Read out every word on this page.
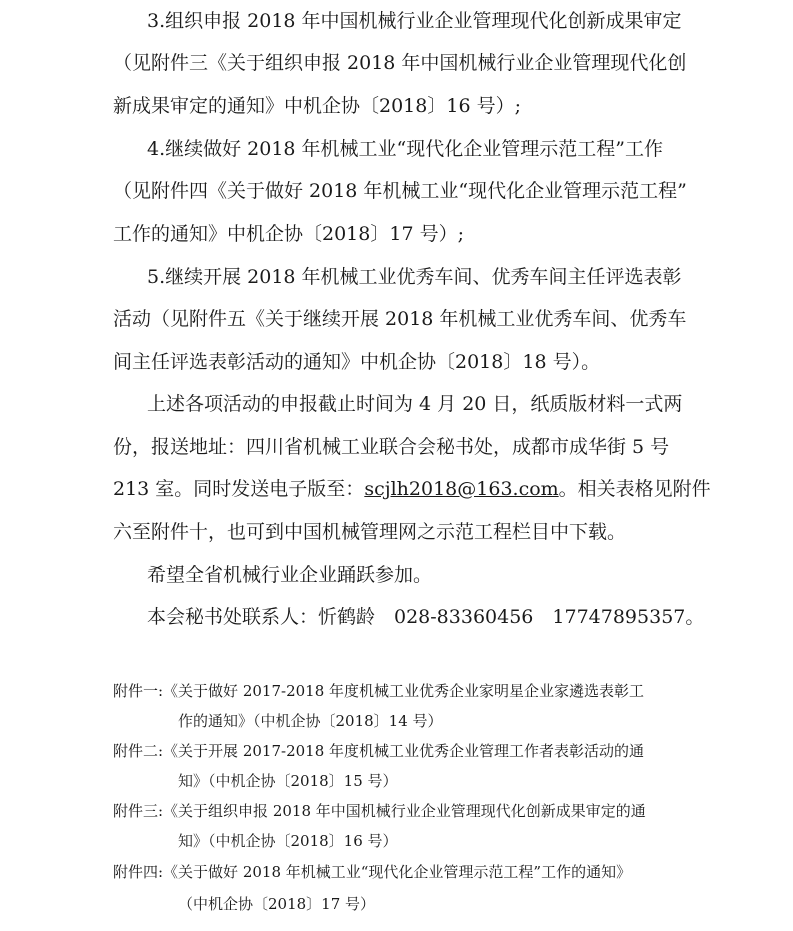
3.组织申报 2018 年中国机械行业企业管理现代化创新成果审定
（见附件三《关于组织申报 2018 年中国机械行业企业管理现代化创
新成果审定的通知》中机企协〔2018〕16 号）;
4.继续做好 2018 年机械工业“现代化企业管理示范工程”工作
（见附件四《关于做好 2018 年机械工业“现代化企业管理示范工程”
工作的通知》中机企协〔2018〕17 号）;
5.继续开展 2018 年机械工业优秀车间、优秀车间主任评选表彰
活动（见附件五《关于继续开展 2018 年机械工业优秀车间、优秀车
间主任评选表彰活动的通知》中机企协〔2018〕18 号）。
上述各项活动的申报截止时间为 4 月 20 日，纸质版材料一式两
份，报送地址：四川省机械工业联合会秘书处，成都市成华街 5 号
213 室。同时发送电子版至：scjlh2018@163.com。相关表格见附件
六至附件十，也可到中国机械管理网之示范工程栏目中下载。
希望全省机械行业企业踊跃参加。
本会秘书处联系人：忻鹤龄　028-83360456　17747895357。
附件一:《关于做好 2017-2018 年度机械工业优秀企业家明星企业家遴选表彰工
作的通知》（中机企协〔2018〕14 号）
附件二:《关于开展 2017-2018 年度机械工业优秀企业管理工作者表彰活动的通
知》（中机企协〔2018〕15 号）
附件三:《关于组织申报 2018 年中国机械行业企业管理现代化创新成果审定的通
知》（中机企协〔2018〕16 号）
附件四:《关于做好 2018 年机械工业“现代化企业管理示范工程”工作的通知》
（中机企协〔2018〕17 号）
